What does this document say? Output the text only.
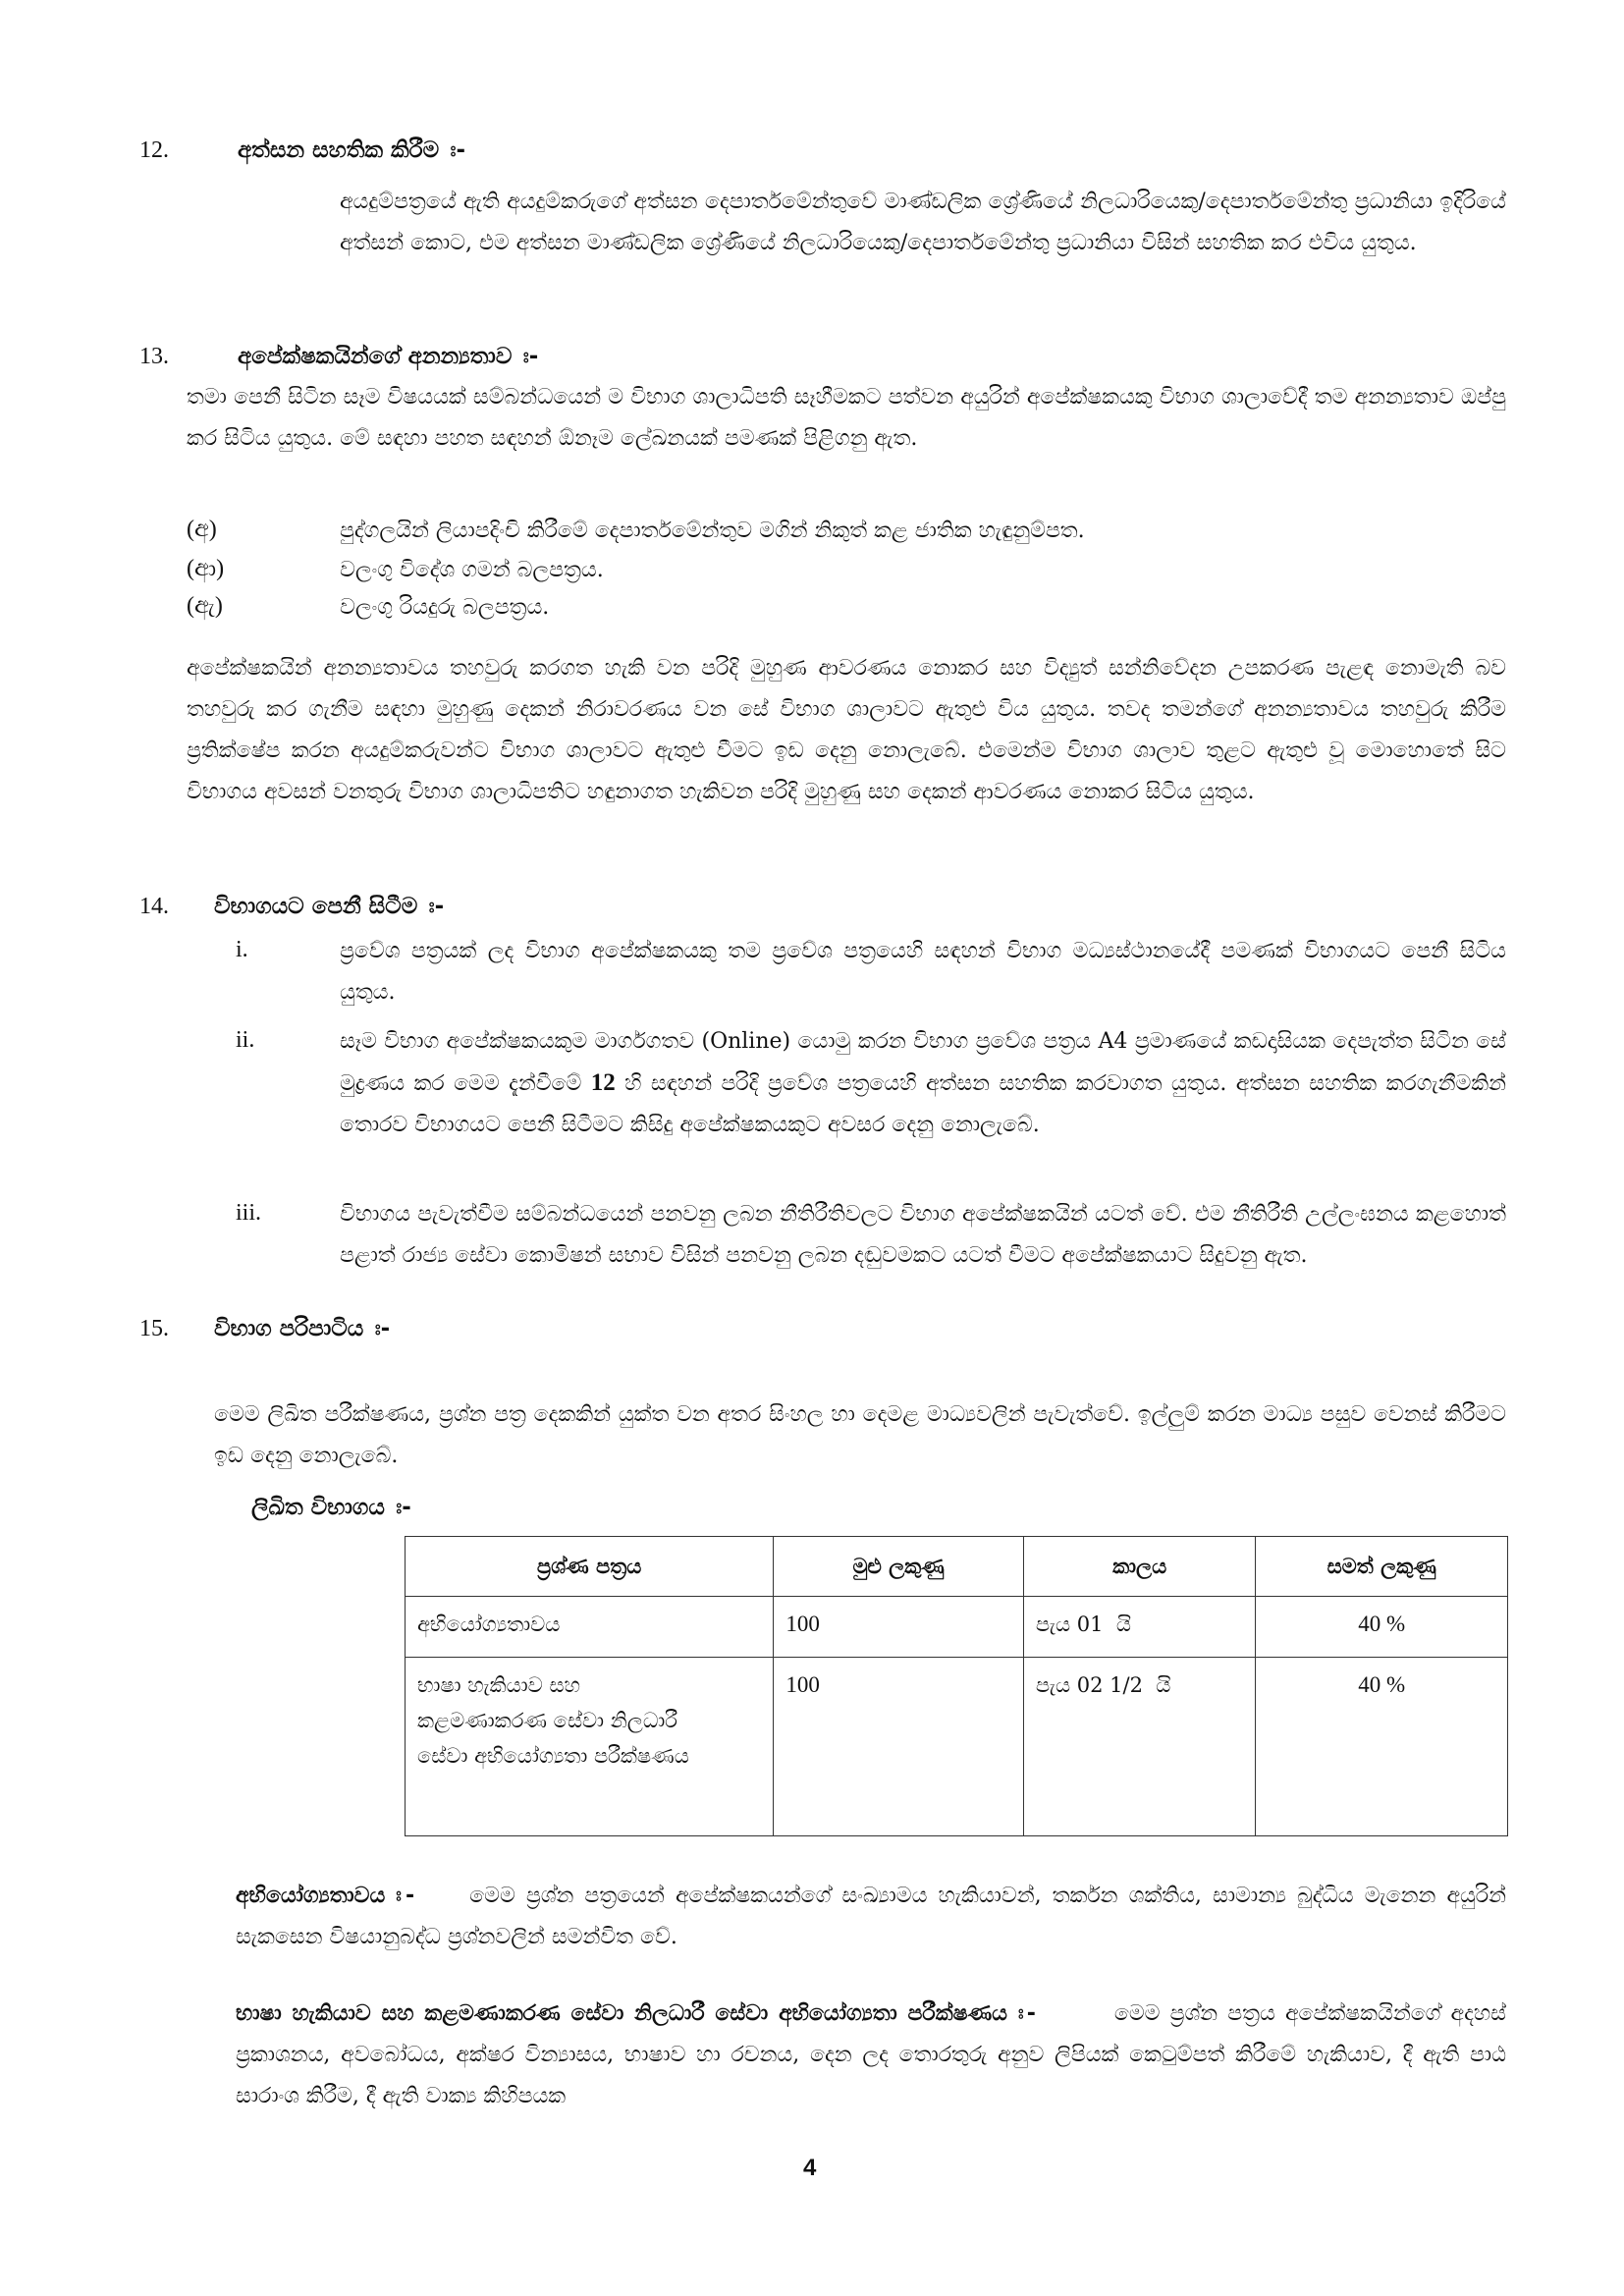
12.	අත්සන සහතික කිරීම ඃ-
අයදුම්පත්‍රයේ ඇති අයදුම්කරුගේ අත්සන දෙපාර්තමේන්තුවේ මාණ්ඩලික ශ්‍රේණියේ නිලධාරියෙකු/දෙපාර්තමේන්තු ප්‍රධානියා ඉදිරියේ අත්සන් කොට, එම අත්සන මාණ්ඩලික ශ්‍රේණියේ නිලධාරියෙකු/දෙපාර්තමේන්තු ප්‍රධානියා විසින් සහතික කර එවිය යුතුය.
13.	අපේක්ෂකයින්ගේ අනන්‍යතාව ඃ-
තමා පෙනී සිටින සෑම විෂයයක් සම්බන්ධයෙන් ම විභාග ශාලාධිපති සෑහීමකට පත්වන අයුරින් අපේක්ෂකයකු විභාග ශාලාවේදී තම අනන්‍යතාව ඔප්පු කර සිටිය යුතුය. මේ සඳහා පහත සඳහන් ඕනෑම ලේඛනයක් පමණක් පිළිගනු ඇත.
(අ)	පුද්ගලයින් ලියාපදිංචි කිරීමේ දෙපාර්තමේන්තුව මගින් නිකුත් කළ ජාතික හැඳුනුම්පත.
(ආ)	වලංගු විදේශ ගමන් බලපත්‍රය.
(ඇ)	වලංගු රියදුරු බලපත්‍රය.
අපේක්ෂකයින් අනන්‍යතාවය තහවුරු කරගත හැකි වන පරිදි මුහුණ ආවරණය නොකර සහ විද්‍යුත් සන්නිවේදන උපකරණ පැළඳ නොමැති බව තහවුරු කර ගැනීම සඳහා මුහුණු දෙකන් නිරාවරණය වන සේ විභාග ශාලාවට ඇතුළු විය යුතුය. තවද තමන්ගේ අනන්‍යතාවය තහවුරු කිරීම ප්‍රතික්ෂේප කරන අයදුම්කරුවන්ට විභාග ශාලාවට ඇතුළු වීමට ඉඩ දෙනු නොලැබේ. එමෙන්ම විභාග ශාලාව තුළට ඇතුළු වූ මොහොතේ සිට විභාගය අවසන් වනතුරු විභාග ශාලාධිපතිට හඳුනාගත හැකිවන පරිදි මුහුණු සහ දෙකන් ආවරණය නොකර සිටිය යුතුය.
14. විභාගයට පෙනී සිටීම ඃ-
i.	ප්‍රවේශ පත්‍රයක් ලද විභාග අපේක්ෂකයකු තම ප්‍රවේශ පත්‍රයෙහි සඳහන් විභාග මධ්‍යස්ථානයේදී පමණක් විභාගයට පෙනී සිටිය යුතුය.
ii.	සෑම විභාග අපේක්ෂකයකුම මාර්ගගතව (Online) යොමු කරන විභාග ප්‍රවේශ පත්‍රය A4 ප්‍රමාණයේ කඩදාසියක දෙපැත්ත සිටින සේ මුද්‍රණය කර මෙම දැන්වීමේ 12 හි සඳහන් පරිදි ප්‍රවේශ පත්‍රයෙහි අත්සන සහතික කරවාගත යුතුය. අත්සන සහතික කරගැනීමකින් තොරව විභාගයට පෙනී සිටීමට කිසිදු අපේක්ෂකයකුට අවසර දෙනු නොලැබේ.
iii.	විභාගය පැවැත්වීම සම්බන්ධයෙන් පනවනු ලබන නීතිරීතිවලට විභාග අපේක්ෂකයින් යටත් වේ. එම නීතිරීති උල්ලංඝනය කළහොත් පළාත් රාජ්‍ය සේවා කොමිෂන් සභාව විසින් පනවනු ලබන දඬුවමකට යටත් වීමට අපේක්ෂකයාට සිදුවනු ඇත.
15. විභාග පරිපාටිය ඃ-
මෙම ලිඛිත පරීක්ෂණය, ප්‍රශ්න පත්‍ර දෙකකින් යුක්ත වන අතර සිංහල හා දෙමළ මාධ්‍යවලින් පැවැත්වේ. ඉල්ලුම් කරන මාධ්‍ය පසුව වෙනස් කිරීමට ඉඩ දෙනු නොලැබේ.
ලිඛිත විභාගය ඃ-
ප්‍රශ්ණ පත්‍රය	මුළු ලකුණු	කාලය	සමත් ලකුණු
අභියෝග්‍යතාවය	100	පැය 01  යි	40 %
භාෂා හැකියාව සහ කළමණාකරණ සේවා නිලධාරී සේවා අභියෝග්‍යතා පරීක්ෂණය	100	පැය 02 1/2  යි	40 %
අභියෝග්‍යතාවය ඃ-	මෙම ප්‍රශ්න පත්‍රයෙන් අපේක්ෂකයන්ගේ සංඛ්‍යාමය හැකියාවන්, තර්කන ශක්තිය, සාමාන්‍ය බුද්ධිය මැනෙන අයුරින් සැකසෙන විෂයානුබද්ධ ප්‍රශ්නවලින් සමන්විත වේ.
භාෂා හැකියාව සහ කළමණාකරණ සේවා නිලධාරී සේවා අභියෝග්‍යතා පරීක්ෂණය ඃ-	මෙම ප්‍රශ්න පත්‍රය අපේක්ෂකයින්ගේ අදහස් ප්‍රකාශනය, අවබෝධය, අක්ෂර වින්‍යාසය, භාෂාව හා රචනය, දෙන ලද තොරතුරු අනුව ලිපියක් කෙටුම්පත් කිරීමේ හැකියාව, දී ඇති පාඨ සාරාංශ කිරීම, දී ඇති වාක්‍ය කිහිපයක
4
